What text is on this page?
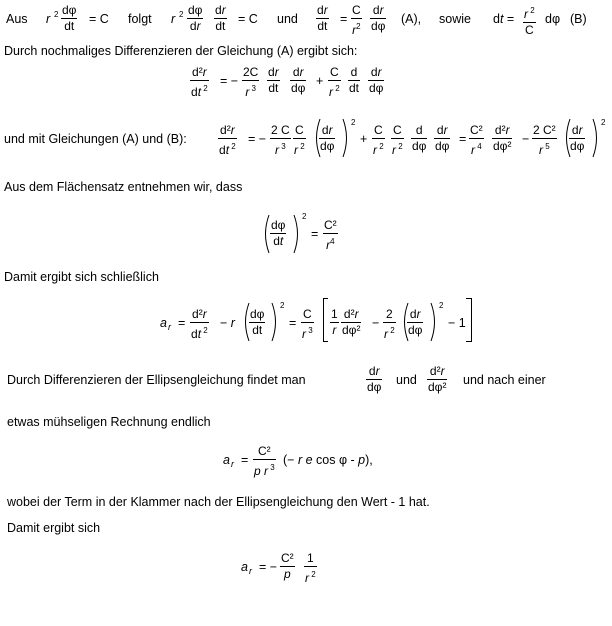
Aus r 2 dφ
dt = C folgt r 2 dφ
dr
dr
dt = C und
dr
dt =
C
$r^2$
dr
dφ (A), sowie dt = r $^2$
C
dφ (B)
Durch nochmaliges Differenzieren der Gleichung (A) ergibt sich:
d²r
dt $^2$
= −
2C
r $^3$
dr
dt
dr
dφ +
C
r $^2$
d
dt
dr
dφ
und mit Gleichungen (A) und (B):
d²r
dt $^2$
= −
2 C
r $^3$
C
r $^2$
dr
dφ
2
+
C
r $^2$
C
r $^2$
d
dφ
dr
dφ =
C²
r $^4$
d²r
dφ² −
2 C²
r $^5$
dr
dφ
2
Aus dem Flächensatz entnehmen wir, dass
dφ
dt
2
=
C²
$r^4$
Damit ergibt sich schließlich
a r =
d²r
dt $^2$
− r
dφ
dt
2
=
C
r $^3$
1
r
d²r
dφ² −
2
r $^2$
dr
dφ
2
− 1
Durch Differenzieren der Ellipsengleichung findet man
dr
dφ und
d²r
dφ² und nach einer
etwas mühseligen Rechnung endlich
a r =
C²
p r $^3$
(− r e cos φ - p),
wobei der Term in der Klammer nach der Ellipsengleichung den Wert - 1 hat.
Damit ergibt sich
a r = −
C²
p
1
r $^2$
